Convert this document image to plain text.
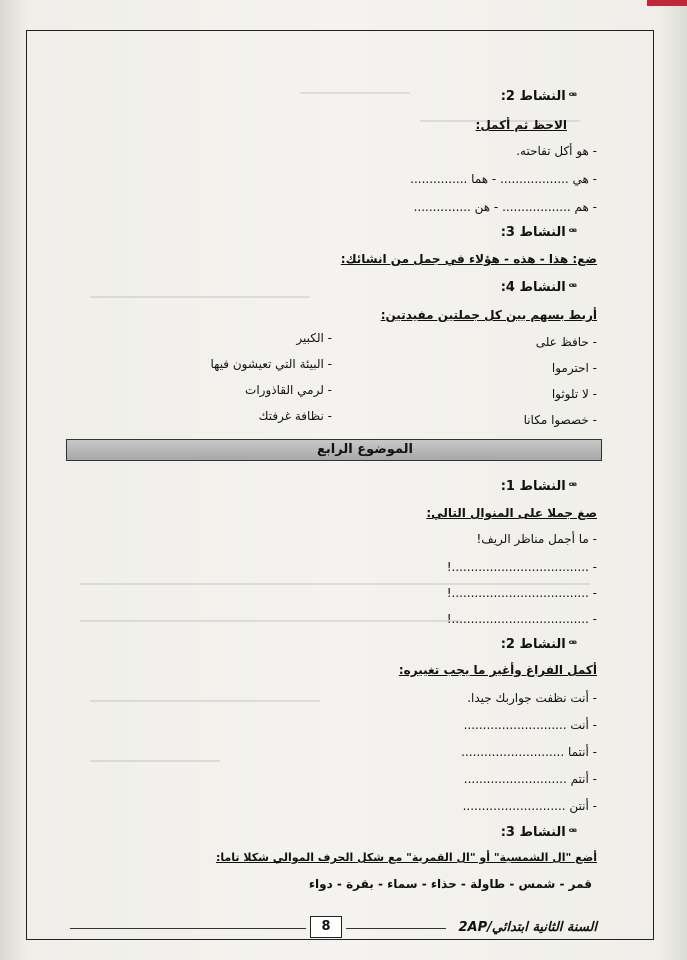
ꟹالنشاط 2:
الاحظ ثم أكمل:
- هو أكل تفاحته.
- هي .................. - هما ...............
- هم .................. - هن ...............
ꟹالنشاط 3:
ضع: هذا - هذه - هؤلاء في جمل من انشائك:
ꟹالنشاط 4:
أربط بسهم بين كل جملتين مفيدتين:
- حافظ على
- احترموا
- لا تلوثوا
- خصصوا مكانا
- الكبير
- البيئة التي تعيشون فيها
- لرمي القاذورات
- نظافة غرفتك
الموضوع الرابع
ꟹالنشاط 1:
صغ جملا على المنوال التالي:
- ما أجمل مناظر الريف!
- ....................................!
- ....................................!
- ....................................!
ꟹالنشاط 2:
أكمل الفراغ وأغير ما يجب تغييره:
- أنت نظفت جواربك جيدا.
- أنت ...........................
- أنتما ...........................
- أنتم ...........................
- أنتن ...........................
ꟹالنشاط 3:
أضع "ال الشمسية" أو "ال القمرية" مع شكل الحرف الموالي شكلا تاما:
قمر - شمس - طاولة - حذاء - سماء - بقرة - دواء
8	السنة الثانية ابتدائي/2AP
